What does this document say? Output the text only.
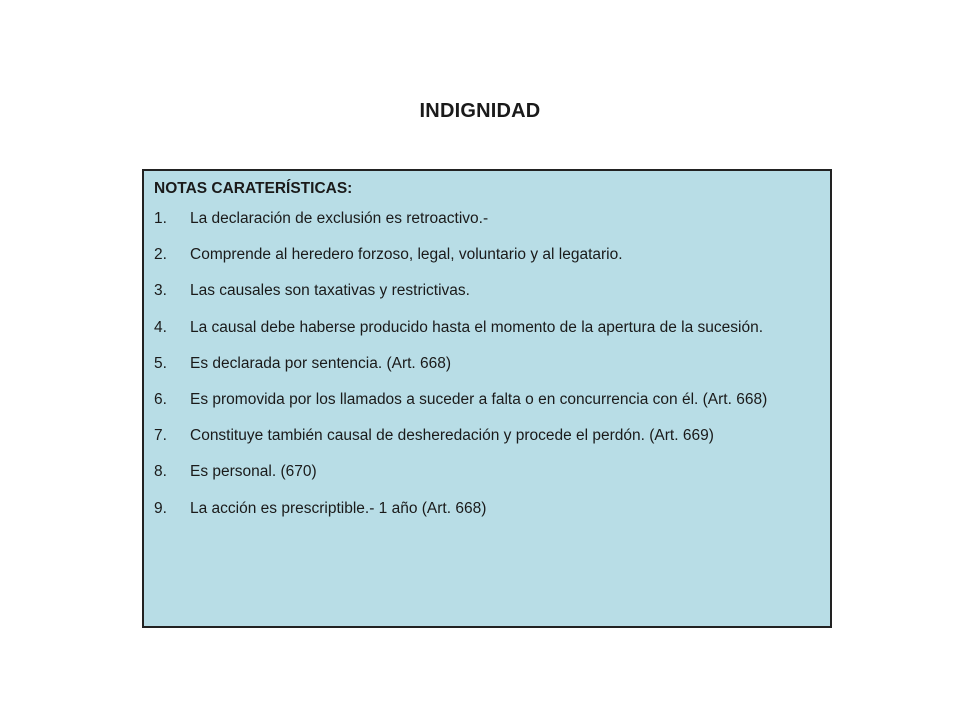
INDIGNIDAD
NOTAS CARATERÍSTICAS:
1.	La declaración de exclusión es retroactivo.-
2.	Comprende al heredero forzoso, legal, voluntario y al legatario.
3.	Las causales son taxativas y restrictivas.
4.	La causal debe haberse producido hasta el momento de la apertura de la sucesión.
5.	Es declarada por sentencia. (Art. 668)
6.	Es promovida por los llamados a suceder a falta o en concurrencia con él. (Art. 668)
7.	Constituye también causal de desheredación y procede el perdón. (Art. 669)
8.	Es personal. (670)
9.	La acción es prescriptible.- 1 año (Art. 668)
